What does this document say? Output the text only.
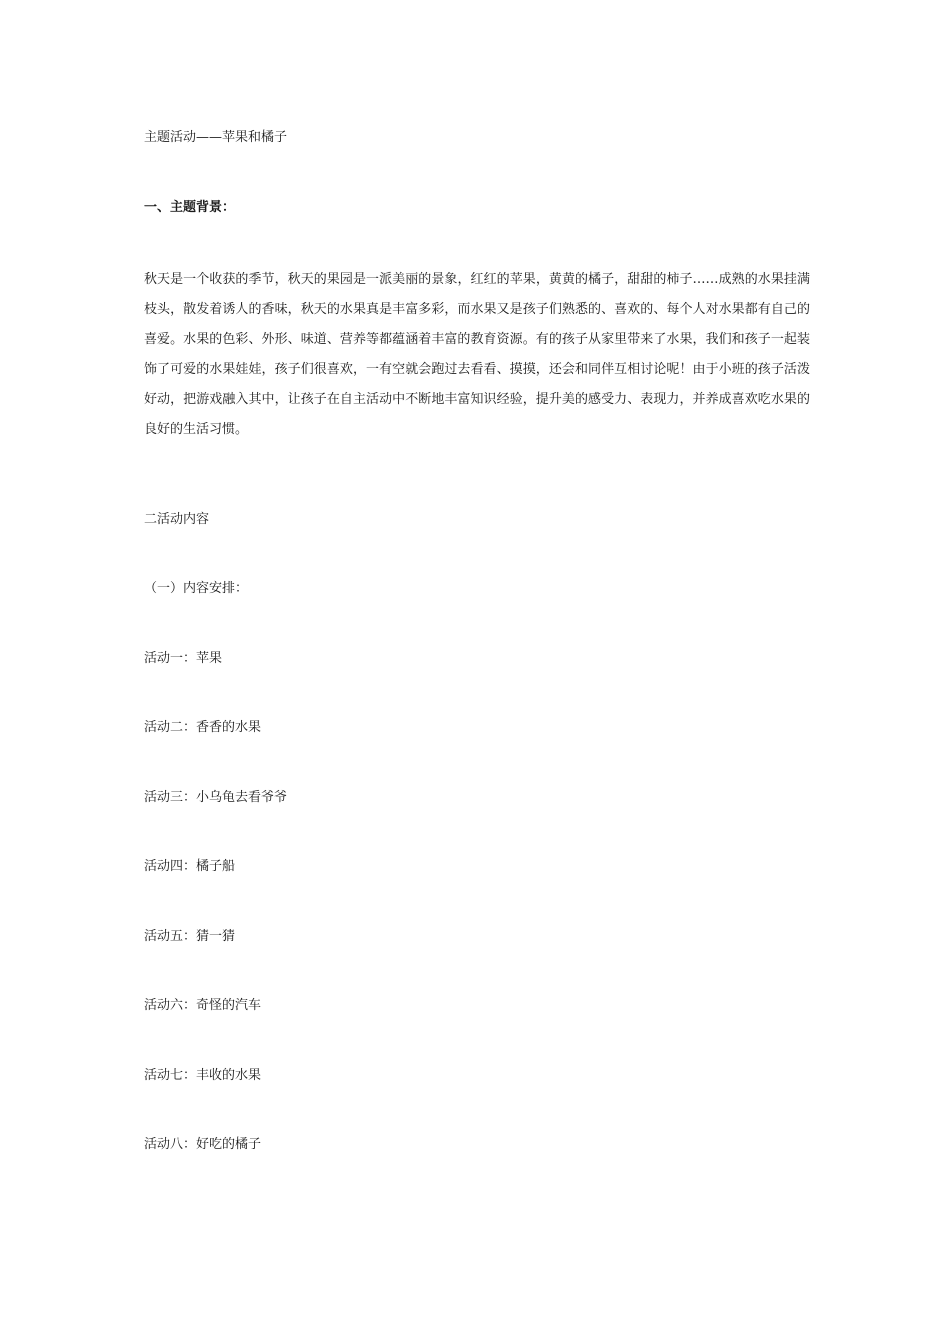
主题活动——苹果和橘子
一、主题背景：
秋天是一个收获的季节，秋天的果园是一派美丽的景象，红红的苹果，黄黄的橘子，甜甜的柿子……成熟的水果挂满枝头，散发着诱人的香味，秋天的水果真是丰富多彩，而水果又是孩子们熟悉的、喜欢的、每个人对水果都有自己的喜爱。水果的色彩、外形、味道、营养等都蕴涵着丰富的教育资源。有的孩子从家里带来了水果，我们和孩子一起装饰了可爱的水果娃娃，孩子们很喜欢，一有空就会跑过去看看、摸摸，还会和同伴互相讨论呢！由于小班的孩子活泼好动，把游戏融入其中，让孩子在自主活动中不断地丰富知识经验，提升美的感受力、表现力，并养成喜欢吃水果的良好的生活习惯。
二活动内容
（一）内容安排：
活动一：苹果
活动二：香香的水果
活动三：小乌龟去看爷爷
活动四：橘子船
活动五：猜一猜
活动六：奇怪的汽车
活动七：丰收的水果
活动八：好吃的橘子
